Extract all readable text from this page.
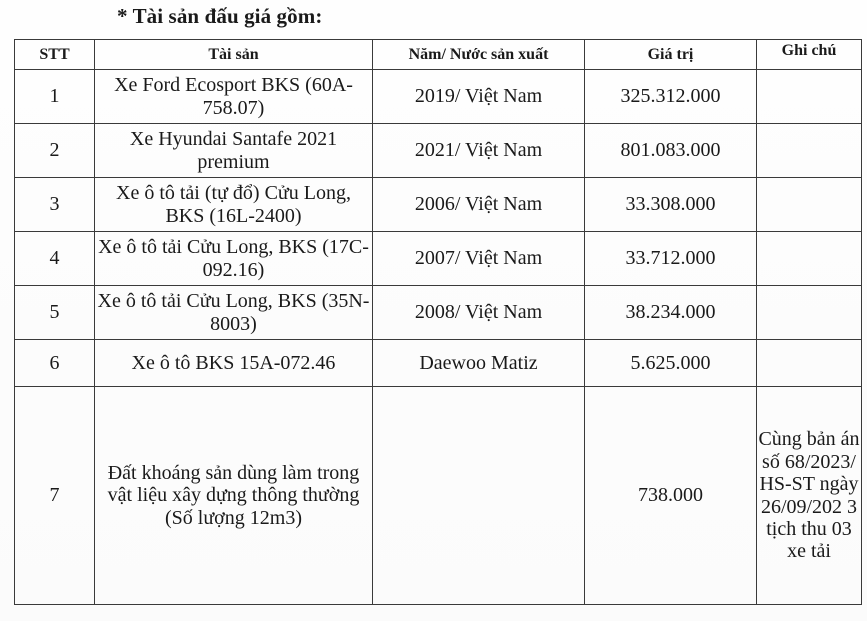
* Tài sản đấu giá gồm:
STT	Tài sản	Năm/ Nước sản xuất	Giá trị	Ghi chú
1	Xe Ford Ecosport BKS (60A-758.07)	2019/ Việt Nam	325.312.000	
2	Xe Hyundai Santafe 2021 premium	2021/ Việt Nam	801.083.000	
3	Xe ô tô tải (tự đổ) Cửu Long, BKS (16L-2400)	2006/ Việt Nam	33.308.000	
4	Xe ô tô tải Cửu Long, BKS (17C-092.16)	2007/ Việt Nam	33.712.000	
5	Xe ô tô tải Cửu Long, BKS (35N-8003)	2008/ Việt Nam	38.234.000	
6	Xe ô tô BKS 15A-072.46	Daewoo Matiz	5.625.000	
7	Đất khoáng sản dùng làm trong vật liệu xây dựng thông thường (Số lượng 12m3)		738.000	Cùng bản án số 68/2023/ HS-ST ngày 26/09/202 3 tịch thu 03 xe tải
